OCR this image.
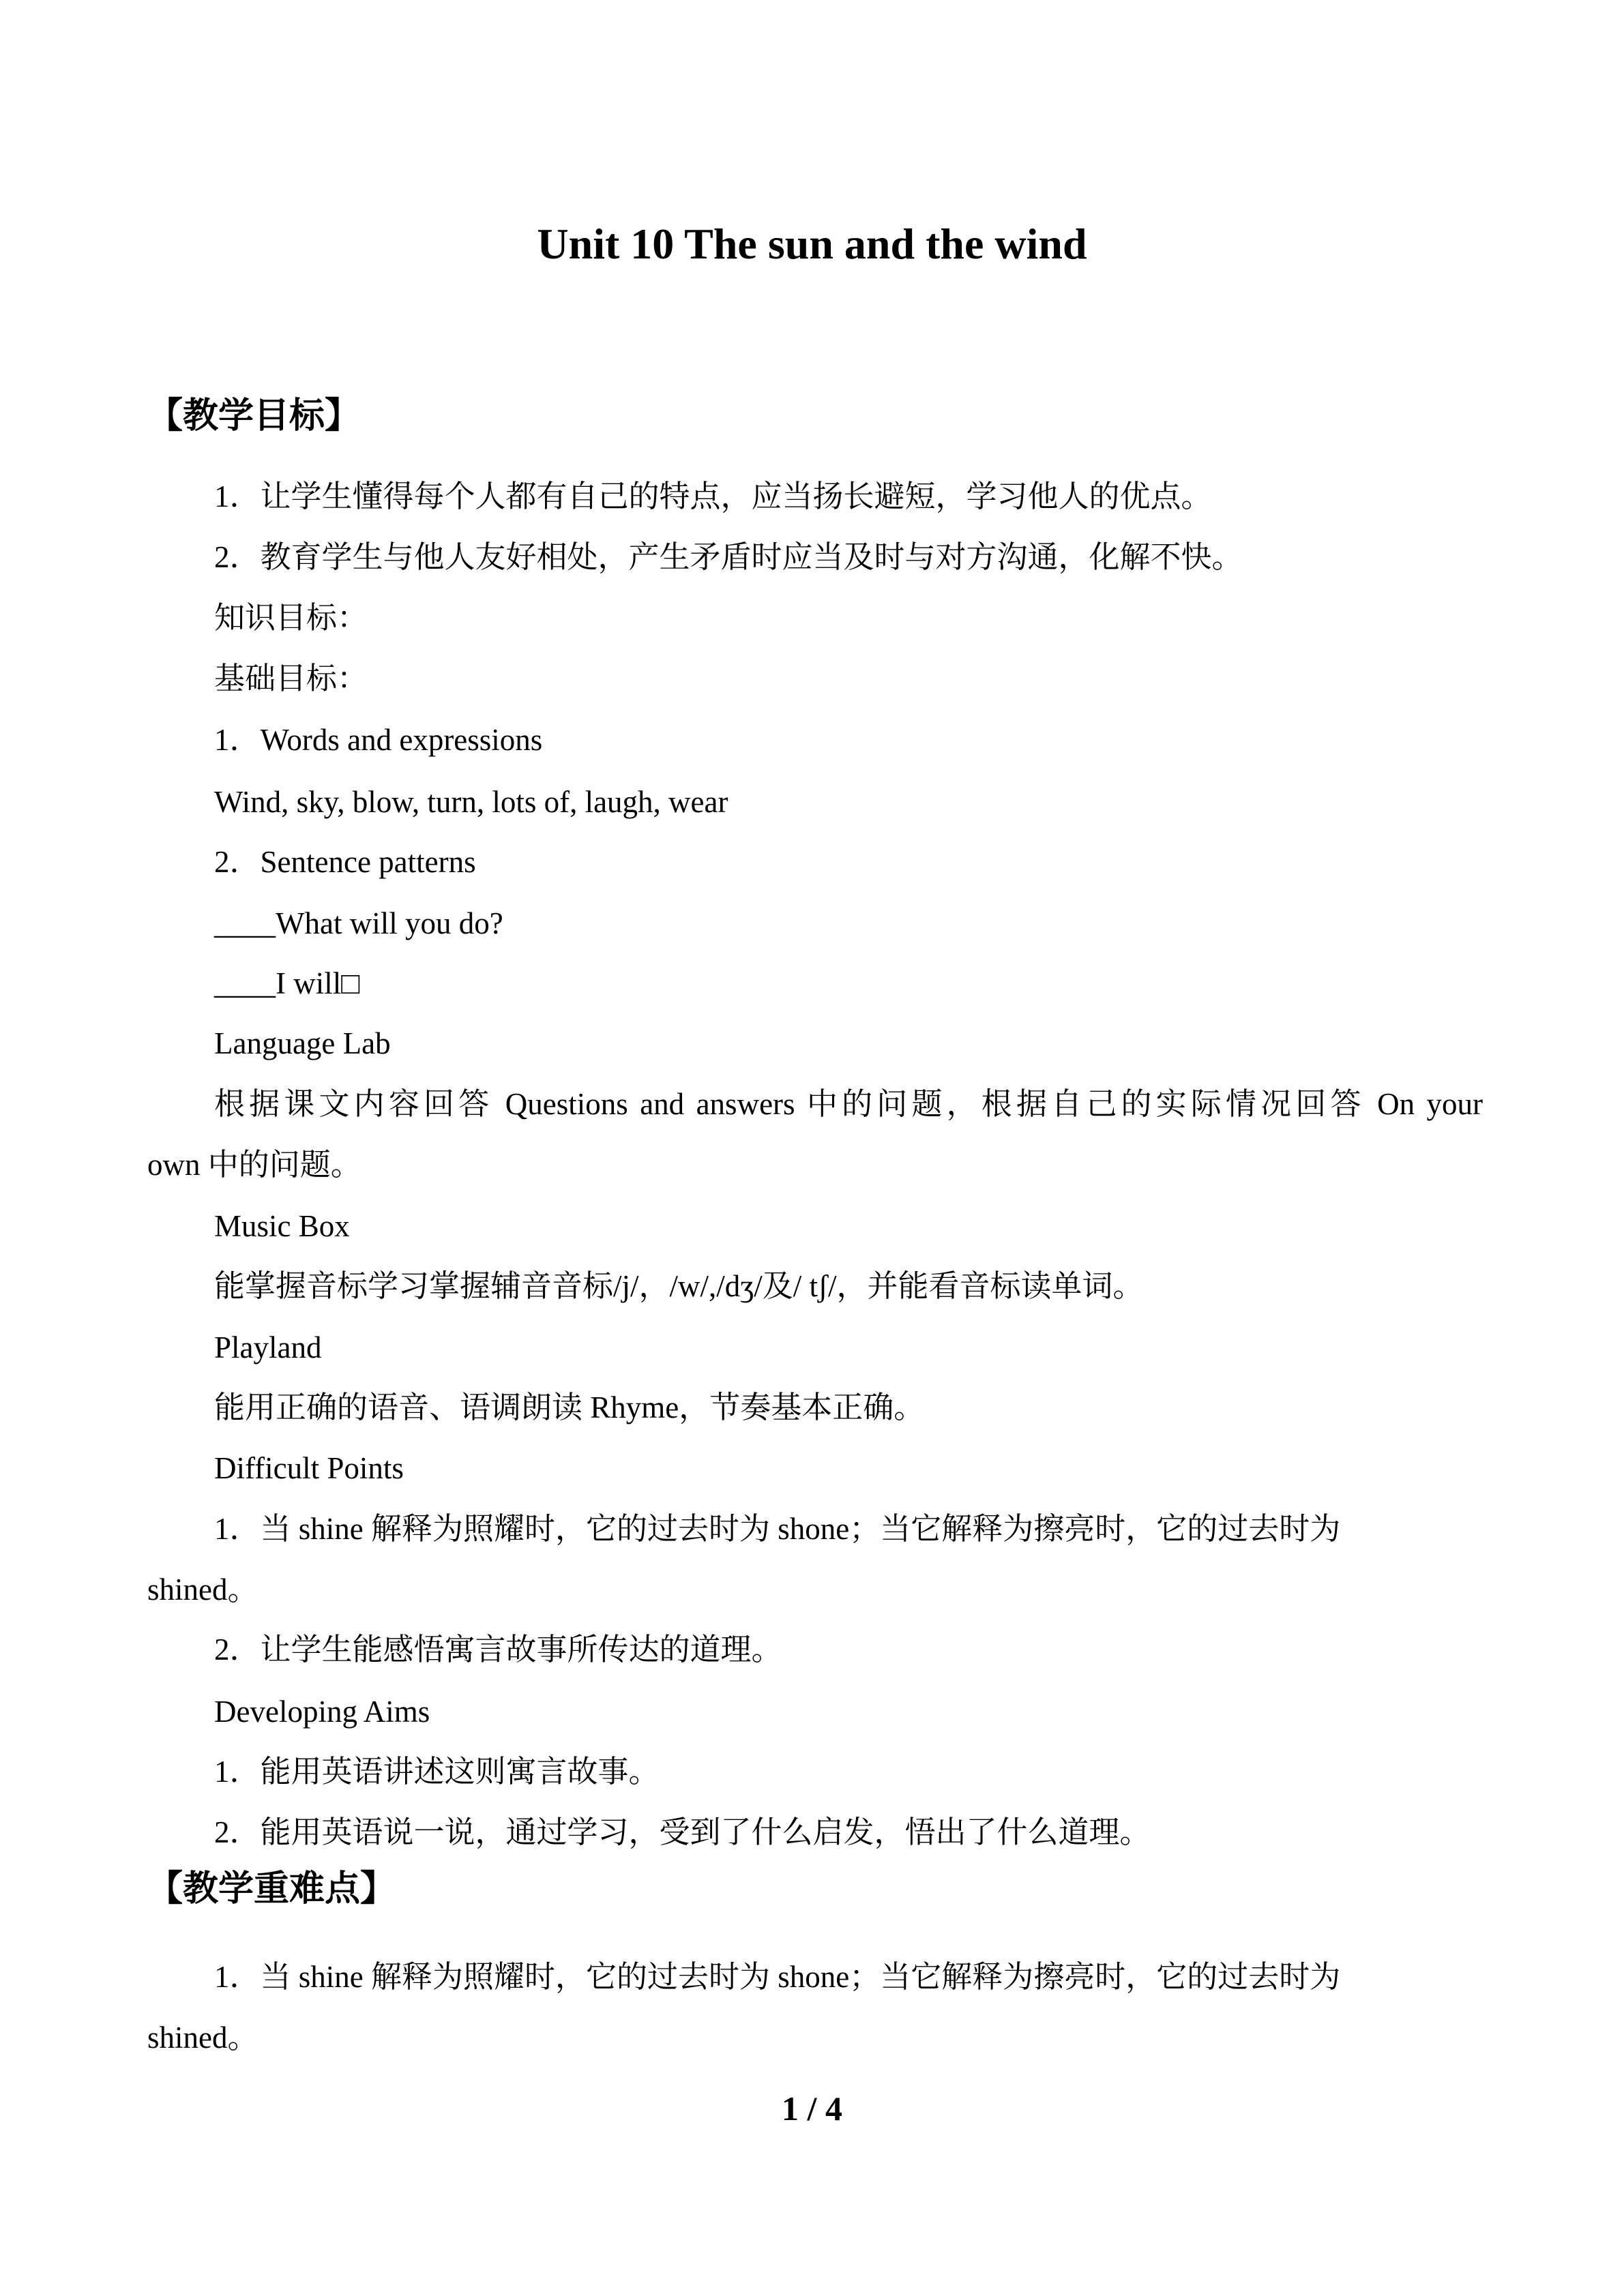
Unit 10 The sun and the wind
【教学目标】
1．让学生懂得每个人都有自己的特点，应当扬长避短，学习他人的优点。
2．教育学生与他人友好相处，产生矛盾时应当及时与对方沟通，化解不快。
知识目标：
基础目标：
1．Words and expressions
Wind, sky, blow, turn, lots of, laugh, wear
2．Sentence patterns
____What will you do?
____I will□
Language Lab
根据课文内容回答 Questions and answers 中的问题，根据自己的实际情况回答 On your
own 中的问题。
Music Box
能掌握音标学习掌握辅音音标/j/，/w/,/dʒ/及/ tʃ/，并能看音标读单词。
Playland
能用正确的语音、语调朗读 Rhyme，节奏基本正确。
Difficult Points
1．当 shine 解释为照耀时，它的过去时为 shone；当它解释为擦亮时，它的过去时为
shined。
2．让学生能感悟寓言故事所传达的道理。
Developing Aims
1．能用英语讲述这则寓言故事。
2．能用英语说一说，通过学习，受到了什么启发，悟出了什么道理。
【教学重难点】
1．当 shine 解释为照耀时，它的过去时为 shone；当它解释为擦亮时，它的过去时为
shined。
1 / 4
